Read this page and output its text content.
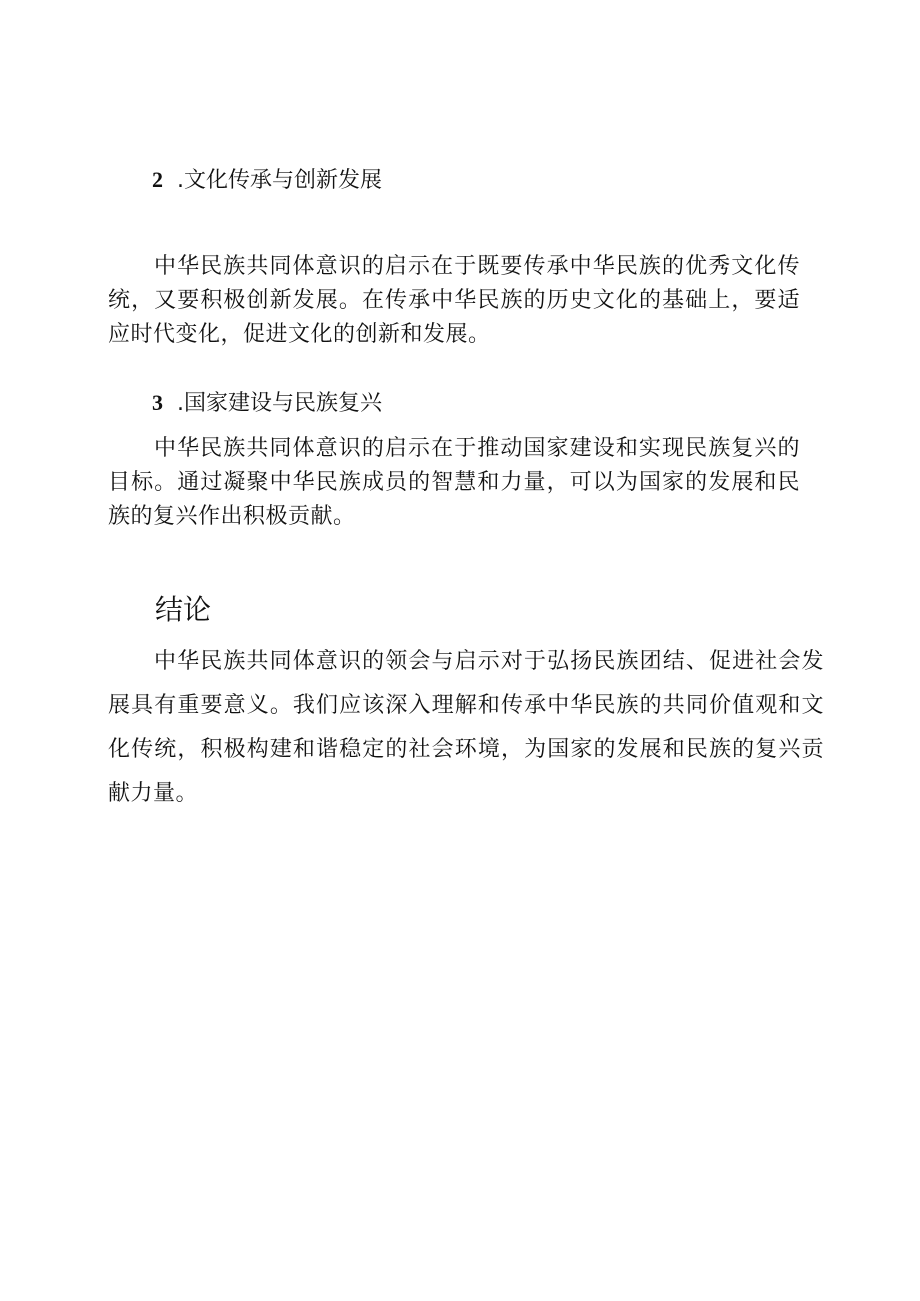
2 .文化传承与创新发展

中华民族共同体意识的启示在于既要传承中华民族的优秀文化传统，又要积极创新发展。在传承中华民族的历史文化的基础上，要适应时代变化，促进文化的创新和发展。

3 .国家建设与民族复兴

中华民族共同体意识的启示在于推动国家建设和实现民族复兴的目标。通过凝聚中华民族成员的智慧和力量，可以为国家的发展和民族的复兴作出积极贡献。

结论

中华民族共同体意识的领会与启示对于弘扬民族团结、促进社会发展具有重要意义。我们应该深入理解和传承中华民族的共同价值观和文化传统，积极构建和谐稳定的社会环境，为国家的发展和民族的复兴贡献力量。
